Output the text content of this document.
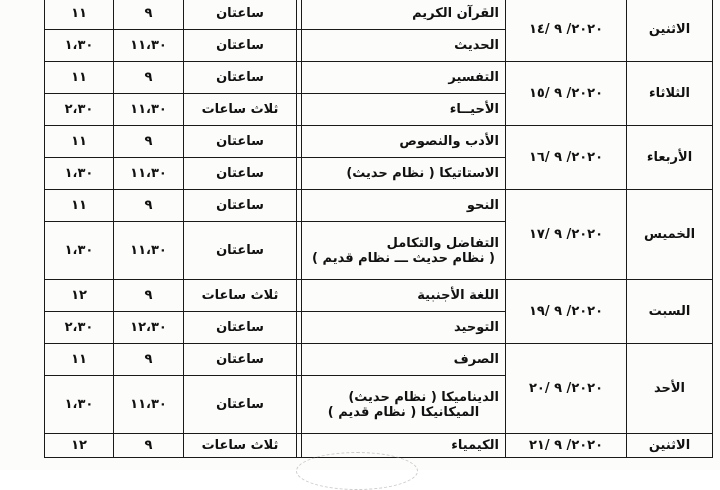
الاثنين	٢٠٢٠/ ٩ /١٤	القرآن الكريم		ساعتان	٩	١١

		الحديث		ساعتان	١١،٣٠	١،٣٠
الثلاثاء	٢٠٢٠/ ٩ /١٥	التفسير		ساعتان	٩	١١

		الأحيــاء		ثلاث ساعات	١١،٣٠	٢،٣٠
الأربعاء	٢٠٢٠/ ٩ /١٦	الأدب والنصوص		ساعتان	٩	١١

		الاستاتيكا ( نظام حديث)		ساعتان	١١،٣٠	١،٣٠
الخميس	٢٠٢٠/ ٩ /١٧	النحو		ساعتان	٩	١١

		التفاضل والتكامل
( نظام حديث ـــ نظام قديم )		ساعتان	١١،٣٠	١،٣٠
السبت	٢٠٢٠/ ٩ /١٩	اللغة الأجنبية		ثلاث ساعات	٩	١٢

		التوحيد		ساعتان	١٢،٣٠	٢،٣٠
الأحد	٢٠٢٠/ ٩ /٢٠	الصرف		ساعتان	٩	١١

		الديناميكا ( نظام حديث)
الميكانيكا ( نظام قديم )		ساعتان	١١،٣٠	١،٣٠
الاثنين	٢٠٢٠/ ٩ /٢١	الكيمياء		ثلاث ساعات	٩	١٢
